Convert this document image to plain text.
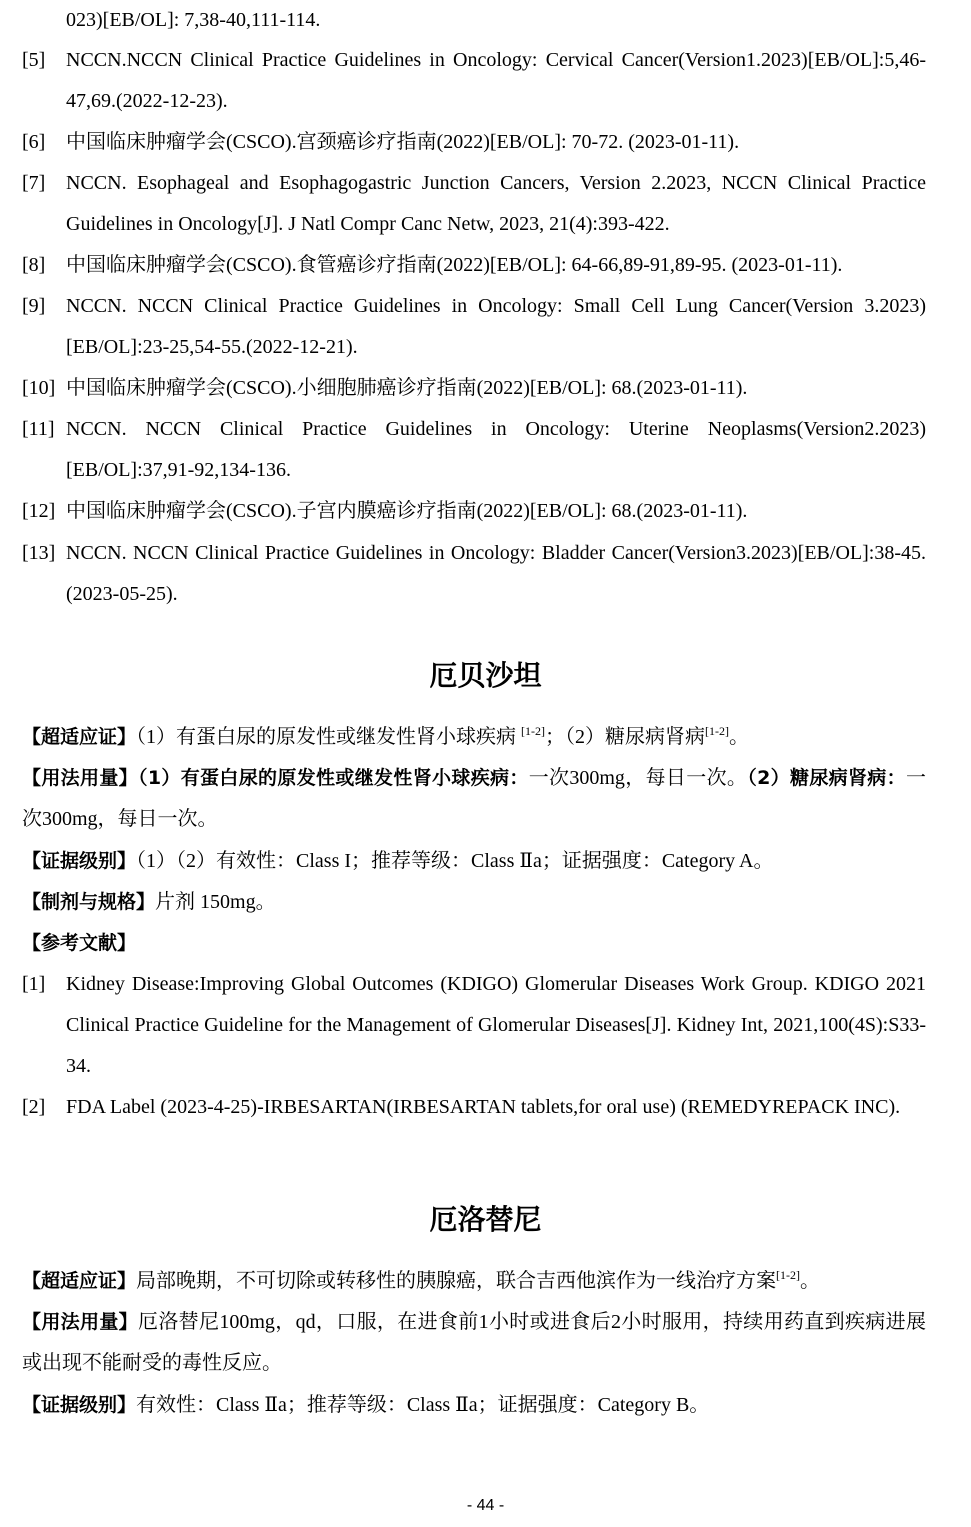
023)[EB/OL]: 7,38-40,111-114.
[5] NCCN.NCCN Clinical Practice Guidelines in Oncology: Cervical Cancer(Version1.2023)[EB/OL]:5,46-47,69.(2022-12-23).
[6] 中国临床肿瘤学会(CSCO).宫颈癌诊疗指南(2022)[EB/OL]: 70-72. (2023-01-11).
[7] NCCN. Esophageal and Esophagogastric Junction Cancers, Version 2.2023, NCCN Clinical Practice Guidelines in Oncology[J]. J Natl Compr Canc Netw, 2023, 21(4):393-422.
[8] 中国临床肿瘤学会(CSCO).食管癌诊疗指南(2022)[EB/OL]: 64-66,89-91,89-95. (2023-01-11).
[9] NCCN. NCCN Clinical Practice Guidelines in Oncology: Small Cell Lung Cancer(Version 3.2023)[EB/OL]:23-25,54-55.(2022-12-21).
[10] 中国临床肿瘤学会(CSCO).小细胞肺癌诊疗指南(2022)[EB/OL]: 68.(2023-01-11).
[11] NCCN. NCCN Clinical Practice Guidelines in Oncology: Uterine Neoplasms(Version2.2023)[EB/OL]:37,91-92,134-136.
[12] 中国临床肿瘤学会(CSCO).子宫内膜癌诊疗指南(2022)[EB/OL]: 68.(2023-01-11).
[13] NCCN. NCCN Clinical Practice Guidelines in Oncology: Bladder Cancer(Version3.2023)[EB/OL]:38-45.(2023-05-25).
厄贝沙坦
【超适应证】（1）有蛋白尿的原发性或继发性肾小球疾病 [1-2]；（2）糖尿病肾病[1-2]。
【用法用量】（1）有蛋白尿的原发性或继发性肾小球疾病：一次300mg，每日一次。（2）糖尿病肾病：一次300mg，每日一次。
【证据级别】（1）（2）有效性：Class I；推荐等级：Class Ⅱa；证据强度：Category A。
【制剂与规格】片剂 150mg。
【参考文献】
[1] Kidney Disease:Improving Global Outcomes (KDIGO) Glomerular Diseases Work Group. KDIGO 2021 Clinical Practice Guideline for the Management of Glomerular Diseases[J]. Kidney Int, 2021,100(4S):S33-34.
[2] FDA Label (2023-4-25)-IRBESARTAN(IRBESARTAN tablets,for oral use) (REMEDYREPACK INC).
厄洛替尼
【超适应证】局部晚期，不可切除或转移性的胰腺癌，联合吉西他滨作为一线治疗方案[1-2]。
【用法用量】厄洛替尼100mg，qd，口服，在进食前1小时或进食后2小时服用，持续用药直到疾病进展或出现不能耐受的毒性反应。
【证据级别】有效性：Class Ⅱa；推荐等级：Class Ⅱa；证据强度：Category B。
- 44 -
